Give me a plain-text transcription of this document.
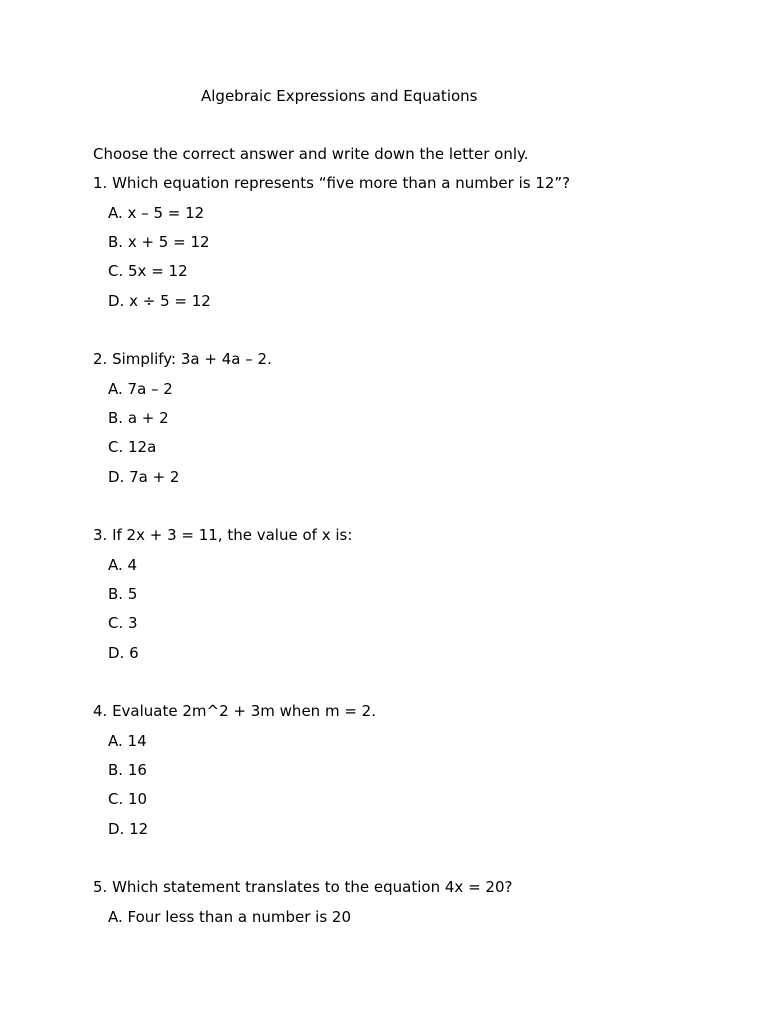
Algebraic Expressions and Equations
Choose the correct answer and write down the letter only.
1. Which equation represents “five more than a number is 12”?
A. x – 5 = 12
B. x + 5 = 12
C. 5x = 12
D. x ÷ 5 = 12
2. Simplify: 3a + 4a – 2.
A. 7a – 2
B. a + 2
C. 12a
D. 7a + 2
3. If 2x + 3 = 11, the value of x is:
A. 4
B. 5
C. 3
D. 6
4. Evaluate 2m^2 + 3m when m = 2.
A. 14
B. 16
C. 10
D. 12
5. Which statement translates to the equation 4x = 20?
A. Four less than a number is 20
